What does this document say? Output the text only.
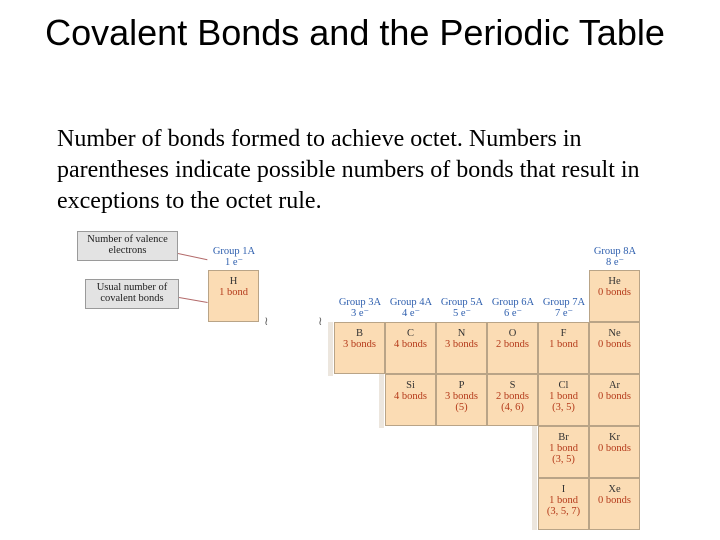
Covalent Bonds and the Periodic Table

Number of bonds formed to achieve octet. Numbers in parentheses indicate possible numbers of bonds that result in exceptions to the octet rule.

Number of valence electrons
Usual number of covalent bonds
Group 1A
1 e⁻
Group 3A
3 e⁻
Group 4A
4 e⁻
Group 5A
5 e⁻
Group 6A
6 e⁻
Group 7A
7 e⁻
Group 8A
8 e⁻
≀	≀
H
1 bond
He
0 bonds
B
3 bonds
C
4 bonds
N
3 bonds
O
2 bonds
F
1 bond
Ne
0 bonds
Si
4 bonds
P
3 bonds
(5)
S
2 bonds
(4, 6)
Cl
1 bond
(3, 5)
Ar
0 bonds
Br
1 bond
(3, 5)
Kr
0 bonds
I
1 bond
(3, 5, 7)
Xe
0 bonds
